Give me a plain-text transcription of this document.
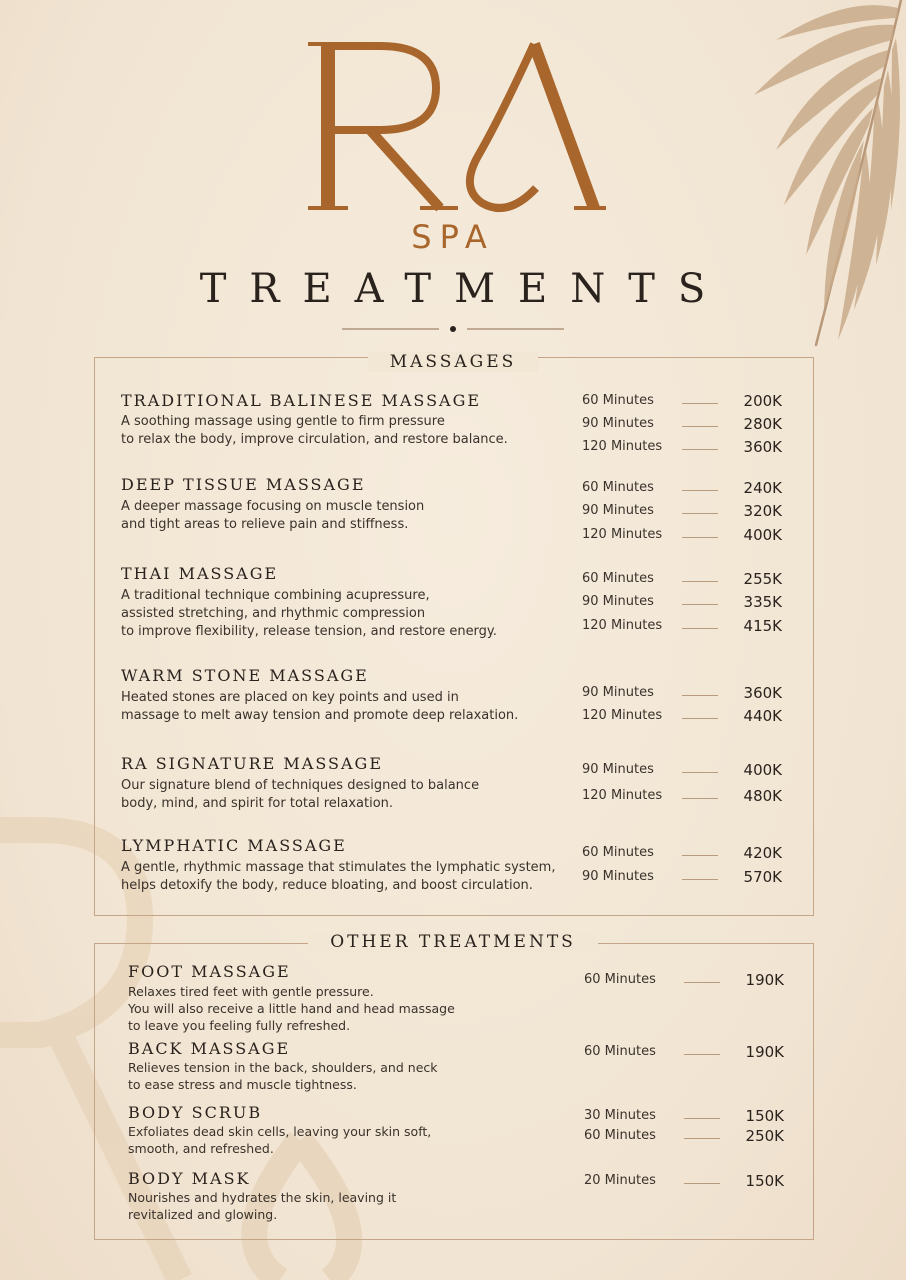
SPA
TREATMENTS
MASSAGES
TRADITIONAL BALINESE MASSAGE
A soothing massage using gentle to firm pressure
to relax the body, improve circulation, and restore balance.
60 Minutes	200K
90 Minutes	280K
120 Minutes	360K
DEEP TISSUE MASSAGE
A deeper massage focusing on muscle tension
and tight areas to relieve pain and stiffness.
60 Minutes	240K
90 Minutes	320K
120 Minutes	400K
THAI MASSAGE
A traditional technique combining acupressure,
assisted stretching, and rhythmic compression
to improve flexibility, release tension, and restore energy.
60 Minutes	255K
90 Minutes	335K
120 Minutes	415K
WARM STONE MASSAGE
Heated stones are placed on key points and used in
massage to melt away tension and promote deep relaxation.
90 Minutes	360K
120 Minutes	440K
RA SIGNATURE MASSAGE
Our signature blend of techniques designed to balance
body, mind, and spirit for total relaxation.
90 Minutes	400K
120 Minutes	480K
LYMPHATIC MASSAGE
A gentle, rhythmic massage that stimulates the lymphatic system,
helps detoxify the body, reduce bloating, and boost circulation.
60 Minutes	420K
90 Minutes	570K
OTHER TREATMENTS
FOOT MASSAGE
Relaxes tired feet with gentle pressure.
You will also receive a little hand and head massage
to leave you feeling fully refreshed.
60 Minutes	190K
BACK MASSAGE
Relieves tension in the back, shoulders, and neck
to ease stress and muscle tightness.
60 Minutes	190K
BODY SCRUB
Exfoliates dead skin cells, leaving your skin soft,
smooth, and refreshed.
30 Minutes	150K
60 Minutes	250K
BODY MASK
Nourishes and hydrates the skin, leaving it
revitalized and glowing.
20 Minutes	150K
